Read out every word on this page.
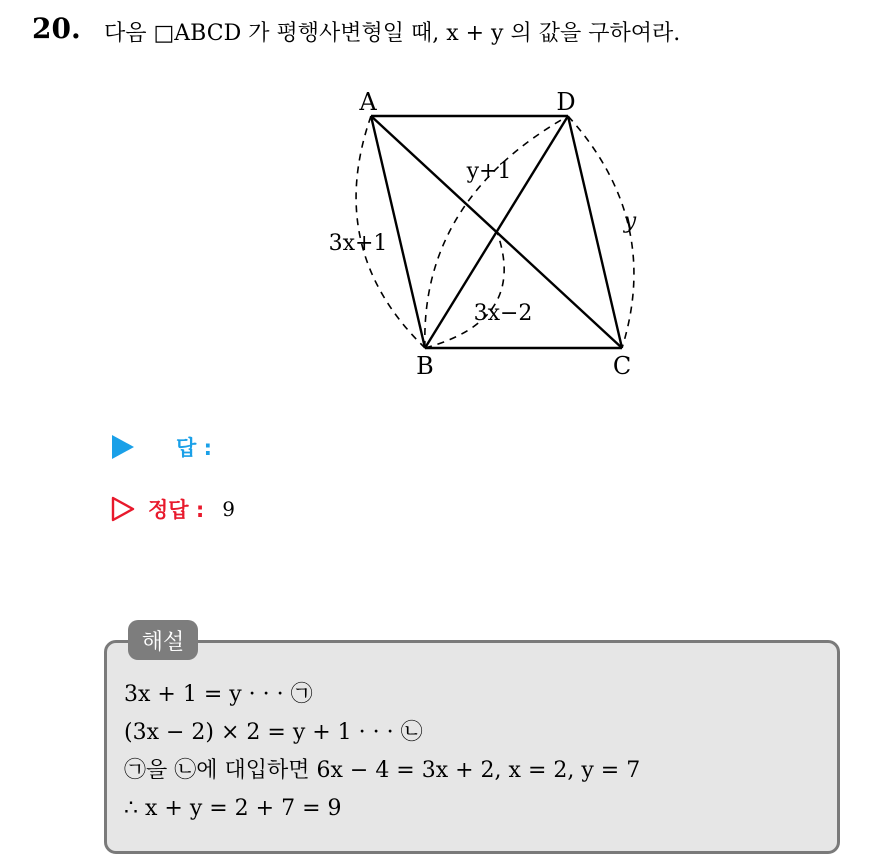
20. 다음 □ABCD 가 평행사변형일 때, x + y 의 값을 구하여라.
A	D
B	C
3x+1
y+1
y
3x−2
답 :
정답 : 9
해설
3x + 1 = y · · · ㉠
(3x − 2) × 2 = y + 1 · · · ㉡
㉠을 ㉡에 대입하면 6x − 4 = 3x + 2, x = 2, y = 7
∴ x + y = 2 + 7 = 9
